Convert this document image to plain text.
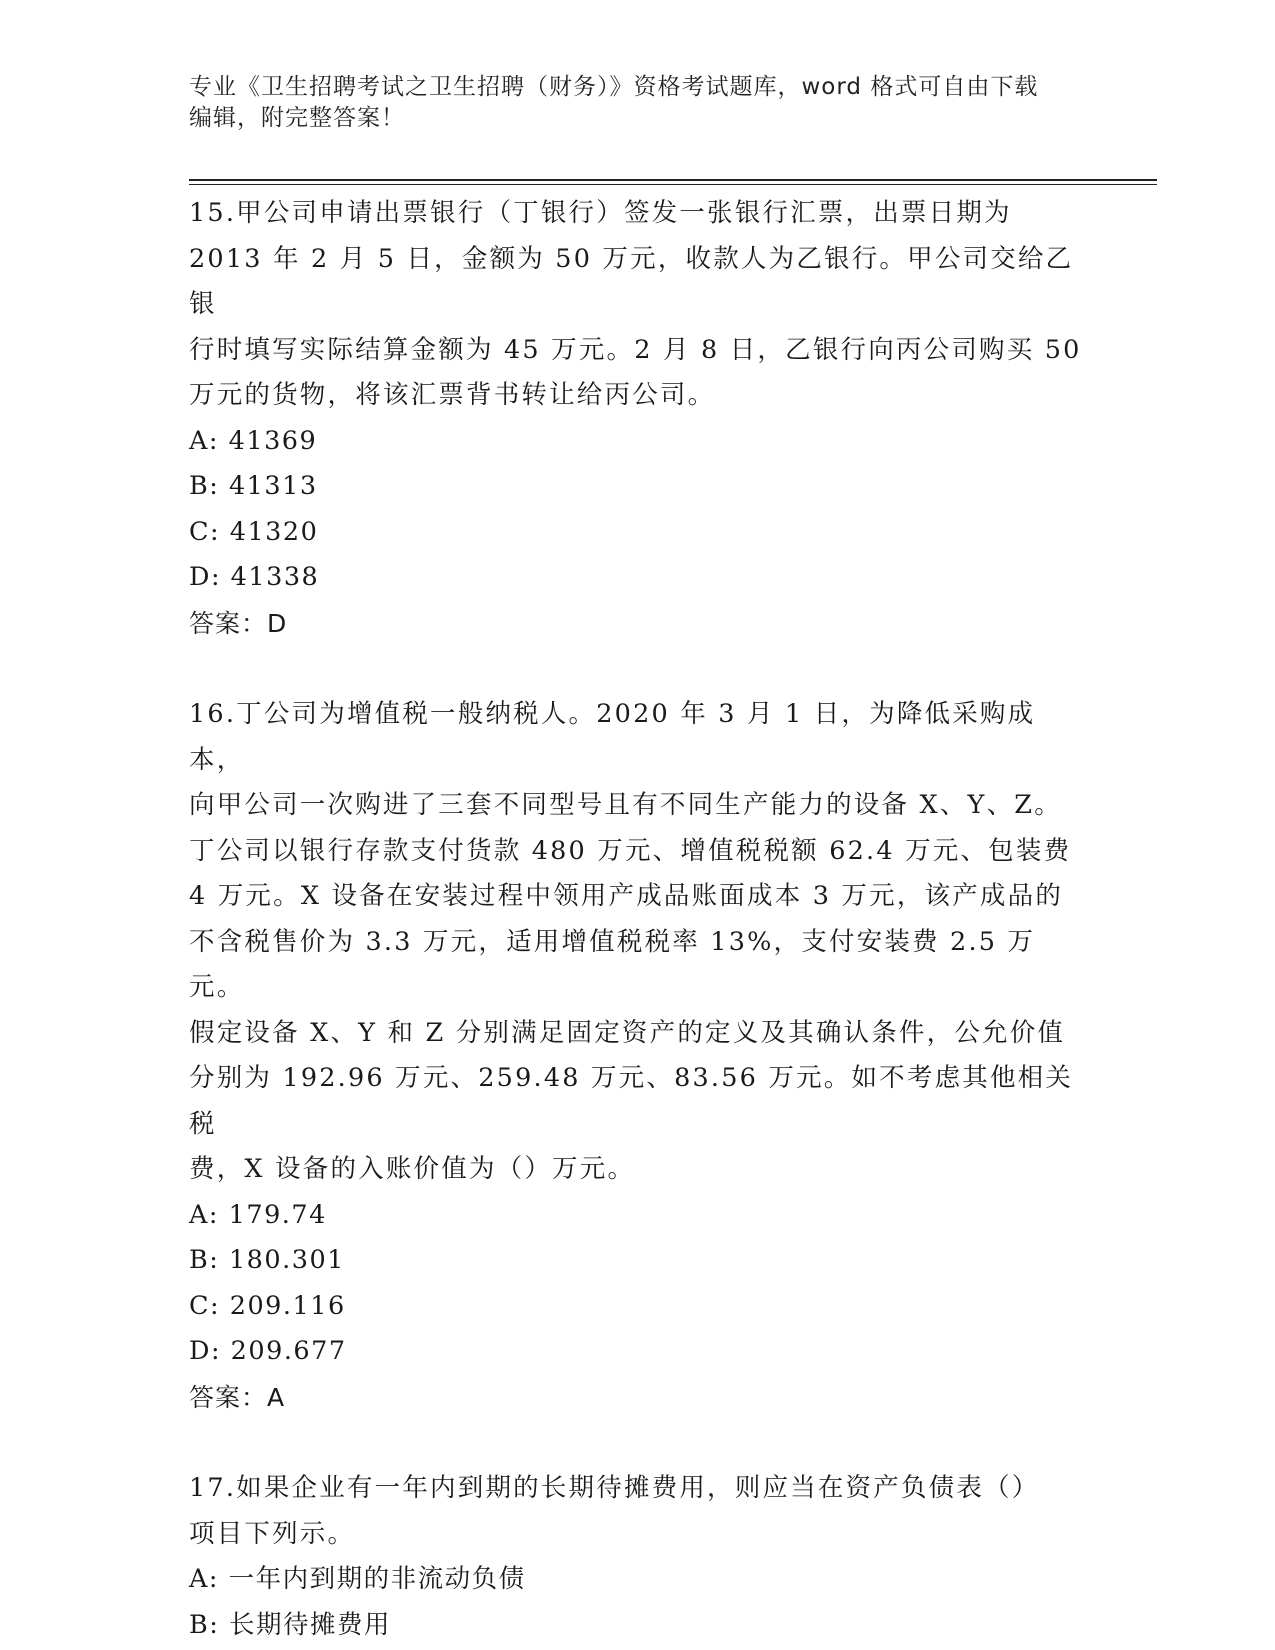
专业《卫生招聘考试之卫生招聘（财务）》资格考试题库，word 格式可自由下载
编辑，附完整答案！

15.甲公司申请出票银行（丁银行）签发一张银行汇票，出票日期为

2013 年 2 月 5 日，金额为 50 万元，收款人为乙银行。甲公司交给乙银

行时填写实际结算金额为 45 万元。2 月 8 日，乙银行向丙公司购买 50

万元的货物，将该汇票背书转让给丙公司。

A: 41369

B: 41313

C: 41320

D: 41338

答案：D

16.丁公司为增值税一般纳税人。2020 年 3 月 1 日，为降低采购成本，

向甲公司一次购进了三套不同型号且有不同生产能力的设备 X、Y、Z。

丁公司以银行存款支付货款 480 万元、增值税税额 62.4 万元、包装费

4 万元。X 设备在安装过程中领用产成品账面成本 3 万元，该产成品的

不含税售价为 3.3 万元，适用增值税税率 13%，支付安装费 2.5 万元。

假定设备 X、Y 和 Z 分别满足固定资产的定义及其确认条件，公允价值

分别为 192.96 万元、259.48 万元、83.56 万元。如不考虑其他相关税

费，X 设备的入账价值为（）万元。

A: 179.74

B: 180.301

C: 209.116

D: 209.677

答案：A

17.如果企业有一年内到期的长期待摊费用，则应当在资产负债表（）

项目下列示。

A: 一年内到期的非流动负债

B: 长期待摊费用
